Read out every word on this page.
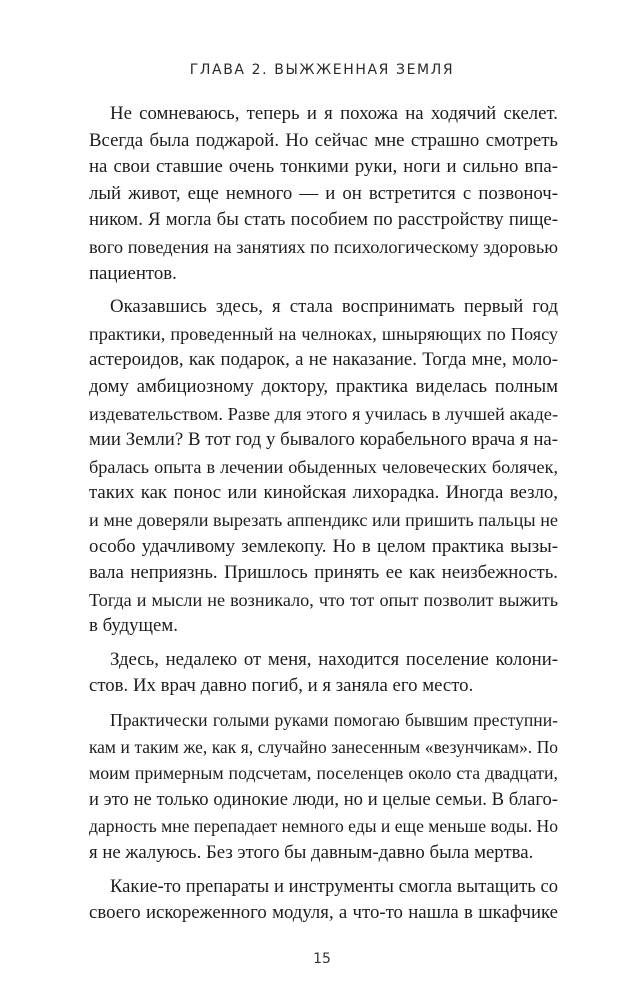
ГЛАВА 2. ВЫЖЖЕННАЯ ЗЕМЛЯ
Не сомневаюсь, теперь и я похожа на ходячий скелет.
Всегда была поджарой. Но сейчас мне страшно смотреть
на свои ставшие очень тонкими руки, ноги и сильно впа-
лый живот, еще немного — и он встретится с позвоноч-
ником. Я могла бы стать пособием по расстройству пище-
вого поведения на занятиях по психологическому здоровью
пациентов.
Оказавшись здесь, я стала воспринимать первый год
практики, проведенный на челноках, шныряющих по Поясу
астероидов, как подарок, а не наказание. Тогда мне, моло-
дому амбициозному доктору, практика виделась полным
издевательством. Разве для этого я училась в лучшей акаде-
мии Земли? В тот год у бывалого корабельного врача я на-
бралась опыта в лечении обыденных человеческих болячек,
таких как понос или кинойская лихорадка. Иногда везло,
и мне доверяли вырезать аппендикс или пришить пальцы не
особо удачливому землекопу. Но в целом практика вызы-
вала неприязнь. Пришлось принять ее как неизбежность.
Тогда и мысли не возникало, что тот опыт позволит выжить
в будущем.
Здесь, недалеко от меня, находится поселение колони-
стов. Их врач давно погиб, и я заняла его место.
Практически голыми руками помогаю бывшим преступни-
кам и таким же, как я, случайно занесенным «везунчикам». По
моим примерным подсчетам, поселенцев около ста двадцати,
и это не только одинокие люди, но и целые семьи. В благо-
дарность мне перепадает немного еды и еще меньше воды. Но
я не жалуюсь. Без этого бы давным-давно была мертва.
Какие-то препараты и инструменты смогла вытащить со
своего искореженного модуля, а что-то нашла в шкафчике
15
